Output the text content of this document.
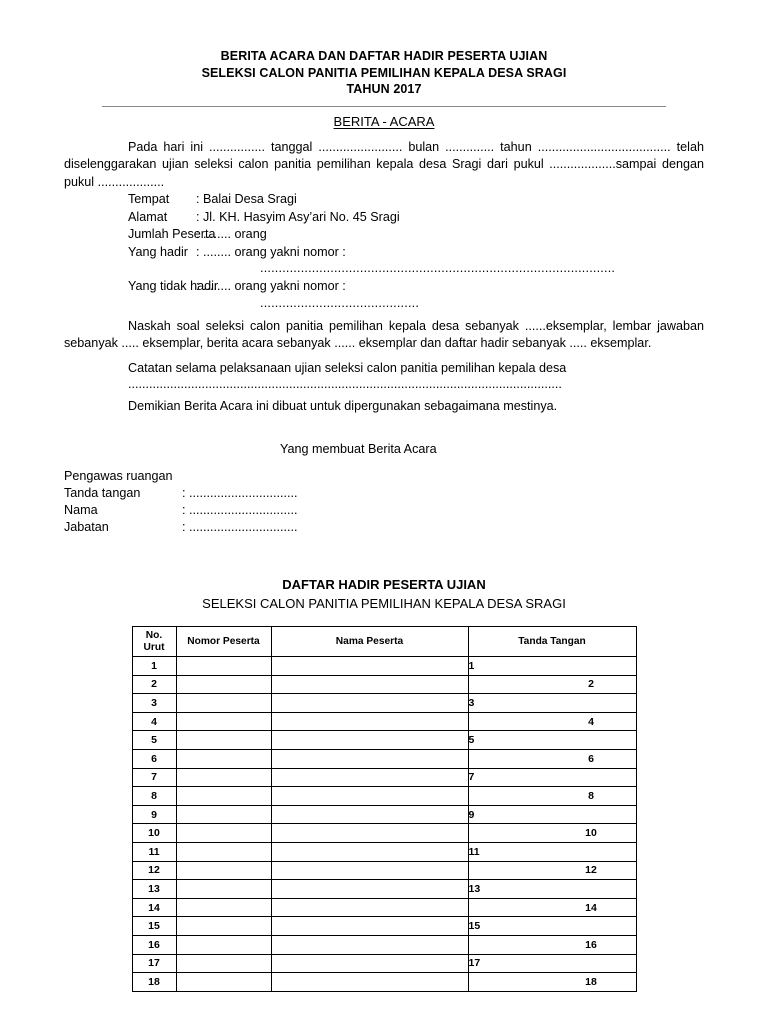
BERITA ACARA DAN DAFTAR HADIR PESERTA UJIAN
SELEKSI CALON PANITIA PEMILIHAN KEPALA DESA SRAGI
TAHUN 2017
BERITA - ACARA

Pada hari ini ................ tanggal ........................ bulan .............. tahun ...................................... telah diselenggarakan ujian seleksi calon panitia pemilihan kepala desa Sragi dari pukul ...................sampai dengan pukul ...................

Tempat	: Balai Desa Sragi
Alamat	: Jl. KH. Hasyim Asy’ari No. 45 Sragi
Jumlah Peserta
: ........ orang
Yang hadir : ........ orang yakni nomor :
................................................................................................
Yang tidak hadir
: ........ orang yakni nomor :
...........................................

Naskah soal seleksi calon panitia pemilihan kepala desa sebanyak ......eksemplar, lembar jawaban sebanyak ..... eksemplar, berita acara sebanyak ...... eksemplar dan daftar hadir sebanyak ..... eksemplar.

Catatan selama pelaksanaan ujian seleksi calon panitia pemilihan kepala desa

............................................................................................................................

Demikian Berita Acara ini dibuat untuk dipergunakan sebagaimana mestinya.

Yang membuat Berita Acara
Pengawas ruangan
Tanda tangan	: ...............................
Nama	: ...............................
Jabatan	: ...............................
DAFTAR HADIR PESERTA UJIAN
SELEKSI CALON PANITIA PEMILIHAN KEPALA DESA SRAGI
No.
Urut	Nomor Peserta	Nama Peserta	Tanda Tangan
1			1
2			2
3			3
4			4
5			5
6			6
7			7
8			8
9			9
10			10
11			11
12			12
13			13
14			14
15			15
16			16
17			17
18			18
